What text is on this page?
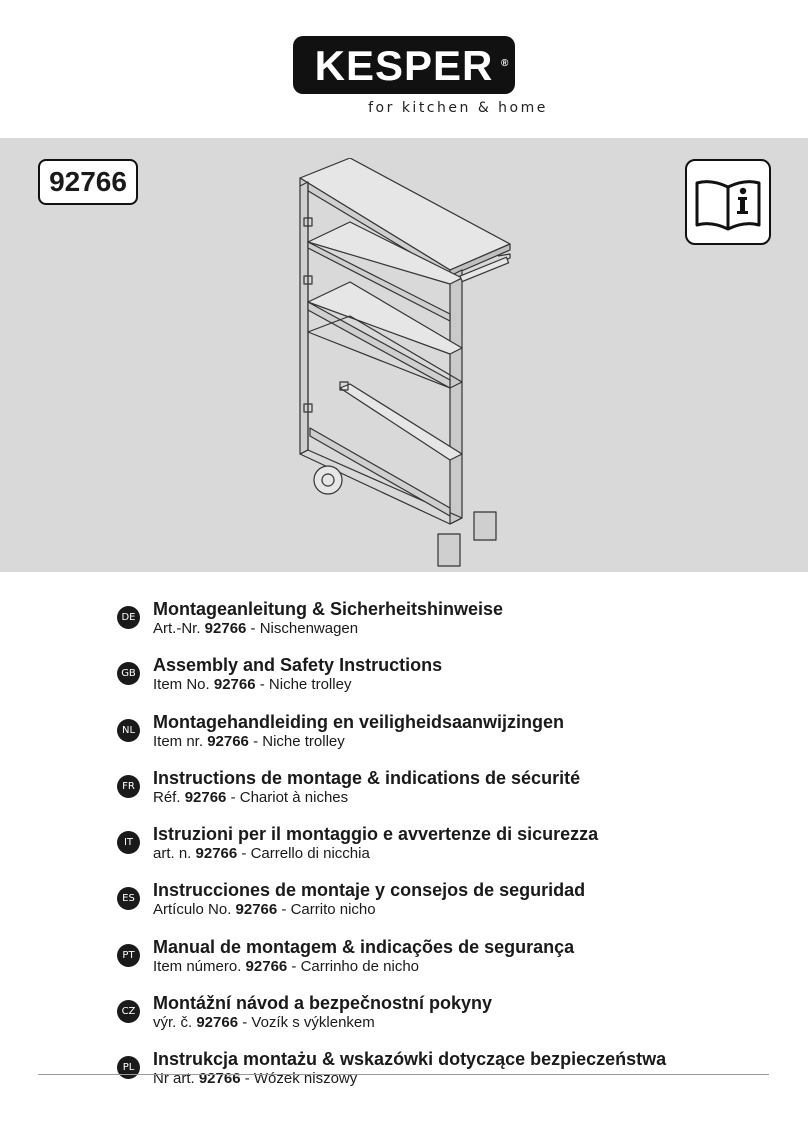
KESPER ®
for kitchen & home
92766
DE Montageanleitung & Sicherheitshinweise
Art.-Nr. 92766 - Nischenwagen
GB Assembly and Safety Instructions
Item No. 92766 - Niche trolley
NL Montagehandleiding en veiligheidsaanwijzingen
Item nr. 92766 - Niche trolley
FR Instructions de montage & indications de sécurité
Réf. 92766 - Chariot à niches
IT	Istruzioni per il montaggio e avvertenze di sicurezza
art. n. 92766 - Carrello di nicchia
ES Instrucciones de montaje y consejos de seguridad
Artículo No. 92766 - Carrito nicho
PT	Manual de montagem & indicações de segurança
Item número. 92766 - Carrinho de nicho
CZ Montážní návod a bezpečnostní pokyny
výr. č. 92766 - Vozík s výklenkem
PL	Instrukcja montażu & wskazówki dotyczące bezpieczeństwa
Nr art. 92766 - Wózek niszowy
